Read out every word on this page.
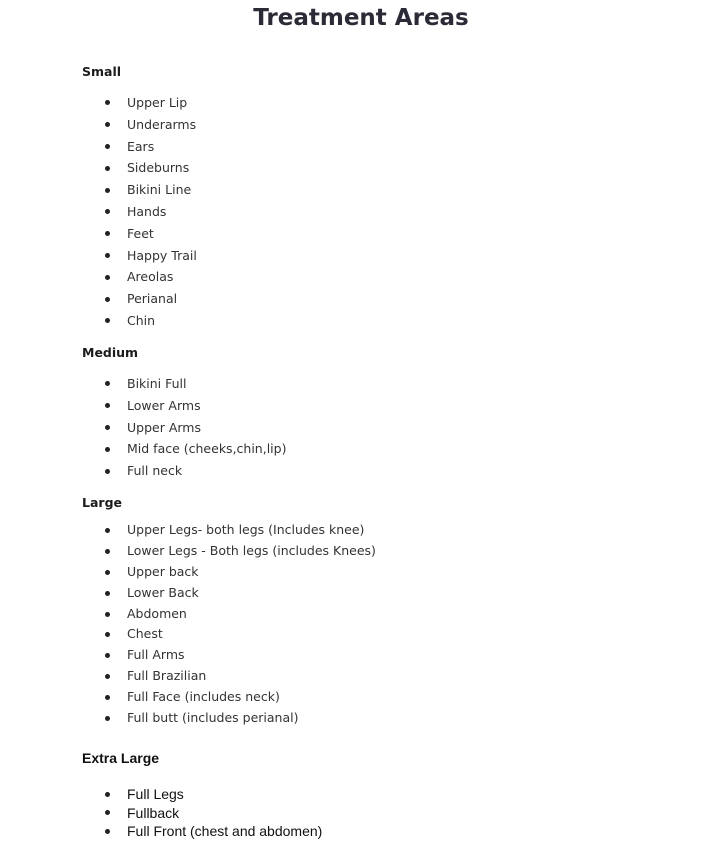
Treatment Areas
Small
Upper Lip
Underarms
Ears
Sideburns
Bikini Line
Hands
Feet
Happy Trail
Areolas
Perianal
Chin
Medium
Bikini Full
Lower Arms
Upper Arms
Mid face (cheeks,chin,lip)
Full neck
Large
Upper Legs- both legs (Includes knee)
Lower Legs - Both legs (includes Knees)
Upper back
Lower Back
Abdomen
Chest
Full Arms
Full Brazilian
Full Face (includes neck)
Full butt (includes perianal)
Extra Large
Full Legs
Fullback
Full Front (chest and abdomen)
